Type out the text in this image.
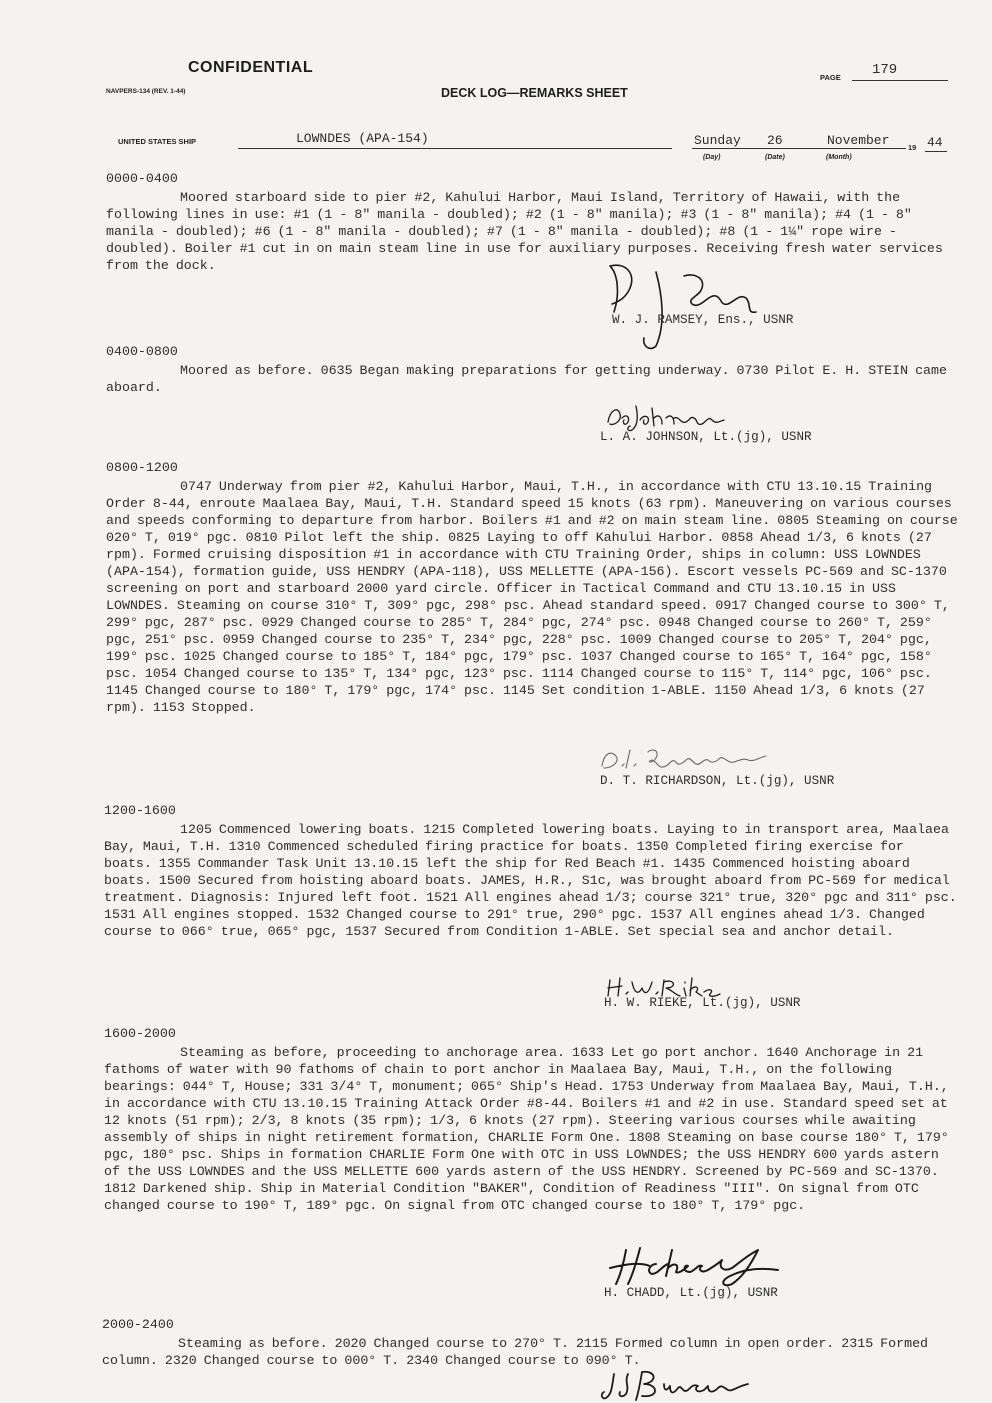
CONFIDENTIAL
NAVPERS-134 (REV. 1-44)	DECK LOG—REMARKS SHEET
PAGE 179
UNITED STATES SHIP	LOWNDES (APA-154)	Sunday 26	November 19 44
(Day)	(Date)	(Month)
0000-0400
Moored starboard side to pier #2, Kahului Harbor, Maui Island, Territory of Hawaii, with the following lines in use: #1 (1 - 8" manila - doubled); #2 (1 - 8" manila); #3 (1 - 8" manila); #4 (1 - 8" manila - doubled); #6 (1 - 8" manila - doubled); #7 (1 - 8" manila - doubled); #8 (1 - 1¼" rope wire - doubled). Boiler #1 cut in on main steam line in use for auxiliary purposes. Receiving fresh water services from the dock.
W. J. RAMSEY, Ens., USNR
0400-0800
Moored as before. 0635 Began making preparations for getting underway. 0730 Pilot E. H. STEIN came aboard.
L. A. JOHNSON, Lt.(jg), USNR
0800-1200
0747 Underway from pier #2, Kahului Harbor, Maui, T.H., in accordance with CTU 13.10.15 Training Order 8-44, enroute Maalaea Bay, Maui, T.H. Standard speed 15 knots (63 rpm). Maneuvering on various courses and speeds conforming to departure from harbor. Boilers #1 and #2 on main steam line. 0805 Steaming on course 020° T, 019° pgc. 0810 Pilot left the ship. 0825 Laying to off Kahului Harbor. 0858 Ahead 1/3, 6 knots (27 rpm). Formed cruising disposition #1 in accordance with CTU Training Order, ships in column: USS LOWNDES (APA-154), formation guide, USS HENDRY (APA-118), USS MELLETTE (APA-156). Escort vessels PC-569 and SC-1370 screening on port and starboard 2000 yard circle. Officer in Tactical Command and CTU 13.10.15 in USS LOWNDES. Steaming on course 310° T, 309° pgc, 298° psc. Ahead standard speed. 0917 Changed course to 300° T, 299° pgc, 287° psc. 0929 Changed course to 285° T, 284° pgc, 274° psc. 0948 Changed course to 260° T, 259° pgc, 251° psc. 0959 Changed course to 235° T, 234° pgc, 228° psc. 1009 Changed course to 205° T, 204° pgc, 199° psc. 1025 Changed course to 185° T, 184° pgc, 179° psc. 1037 Changed course to 165° T, 164° pgc, 158° psc. 1054 Changed course to 135° T, 134° pgc, 123° psc. 1114 Changed course to 115° T, 114° pgc, 106° psc. 1145 Changed course to 180° T, 179° pgc, 174° psc. 1145 Set condition 1-ABLE. 1150 Ahead 1/3, 6 knots (27 rpm). 1153 Stopped.
D. T. RICHARDSON, Lt.(jg), USNR
1200-1600
1205 Commenced lowering boats. 1215 Completed lowering boats. Laying to in transport area, Maalaea Bay, Maui, T.H. 1310 Commenced scheduled firing practice for boats. 1350 Completed firing exercise for boats. 1355 Commander Task Unit 13.10.15 left the ship for Red Beach #1. 1435 Commenced hoisting aboard boats. 1500 Secured from hoisting aboard boats. JAMES, H.R., S1c, was brought aboard from PC-569 for medical treatment. Diagnosis: Injured left foot. 1521 All engines ahead 1/3; course 321° true, 320° pgc and 311° psc. 1531 All engines stopped. 1532 Changed course to 291° true, 290° pgc. 1537 All engines ahead 1/3. Changed course to 066° true, 065° pgc, 1537 Secured from Condition 1-ABLE. Set special sea and anchor detail.
H. W. RIEKE, Lt.(jg), USNR
1600-2000
Steaming as before, proceeding to anchorage area. 1633 Let go port anchor. 1640 Anchorage in 21 fathoms of water with 90 fathoms of chain to port anchor in Maalaea Bay, Maui, T.H., on the following bearings: 044° T, House; 331 3/4° T, monument; 065° Ship's Head. 1753 Underway from Maalaea Bay, Maui, T.H., in accordance with CTU 13.10.15 Training Attack Order #8-44. Boilers #1 and #2 in use. Standard speed set at 12 knots (51 rpm); 2/3, 8 knots (35 rpm); 1/3, 6 knots (27 rpm). Steering various courses while awaiting assembly of ships in night retirement formation, CHARLIE Form One. 1808 Steaming on base course 180° T, 179° pgc, 180° psc. Ships in formation CHARLIE Form One with OTC in USS LOWNDES; the USS HENDRY 600 yards astern of the USS LOWNDES and the USS MELLETTE 600 yards astern of the USS HENDRY. Screened by PC-569 and SC-1370. 1812 Darkened ship. Ship in Material Condition "BAKER", Condition of Readiness "III". On signal from OTC changed course to 190° T, 189° pgc. On signal from OTC changed course to 180° T, 179° pgc.
H. CHADD, Lt.(jg), USNR
2000-2400
Steaming as before. 2020 Changed course to 270° T. 2115 Formed column in open order. 2315 Formed column. 2320 Changed course to 000° T. 2340 Changed course to 090° T.
